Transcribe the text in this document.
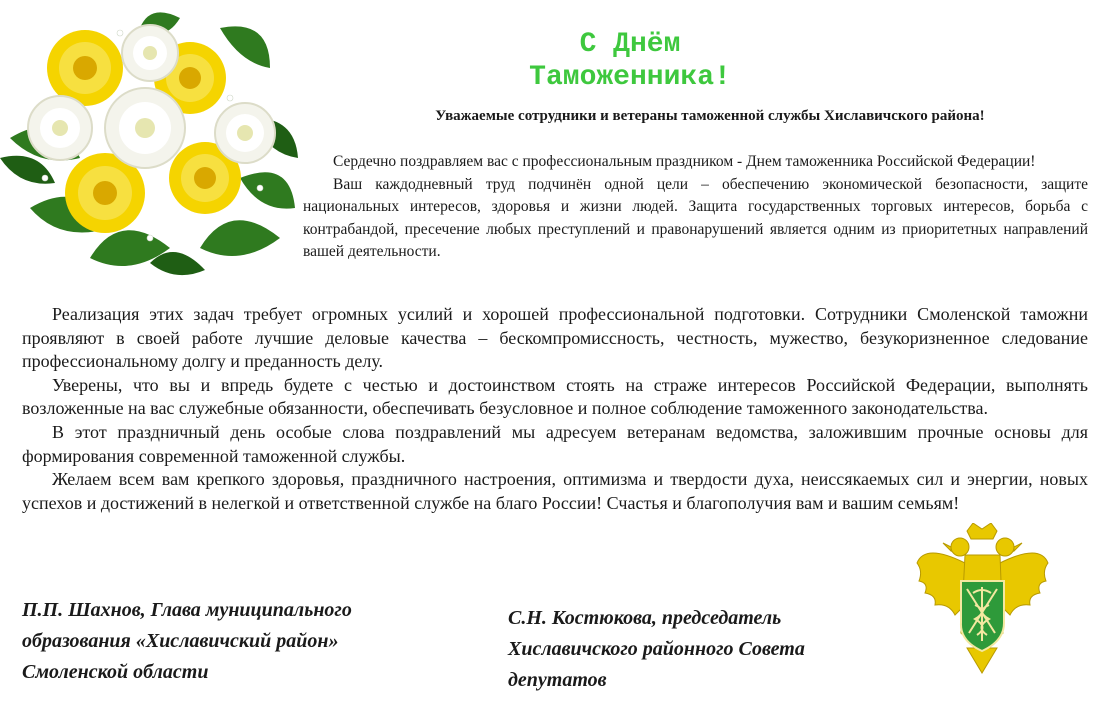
С Днём
Таможенника!
Уважаемые сотрудники и ветераны таможенной службы Хиславичского района!

Сердечно поздравляем вас с профессиональным праздником - Днем таможенника Российской Федерации!

Ваш каждодневный труд подчинён одной цели – обеспечению экономической безопасности, защите национальных интересов, здоровья и жизни людей. Защита государственных торговых интересов, борьба с контрабандой, пресечение любых преступлений и правонарушений является одним из приоритетных направлений вашей деятельности.

Реализация этих задач требует огромных усилий и хорошей профессиональной подготовки. Сотрудники Смоленской таможни проявляют в своей работе лучшие деловые качества – бескомпромиссность, честность, мужество, безукоризненное следование профессиональному долгу и преданность делу.

Уверены, что вы и впредь будете с честью и достоинством стоять на страже интересов Российской Федерации, выполнять возложенные на вас служебные обязанности, обеспечивать безусловное и полное соблюдение таможенного законодательства.

В этот праздничный день особые слова поздравлений мы адресуем ветеранам ведомства, заложившим прочные основы для формирования современной таможенной службы.

Желаем всем вам крепкого здоровья, праздничного настроения, оптимизма и твердости духа, неиссякаемых сил и энергии, новых успехов и достижений в нелегкой и ответственной службе на благо России! Счастья и благополучия вам и вашим семьям!

П.П. Шахнов, Глава муниципального
образования «Хиславичский район»
Смоленской области
С.Н. Костюкова, председатель
Хиславичского районного Совета
депутатов
